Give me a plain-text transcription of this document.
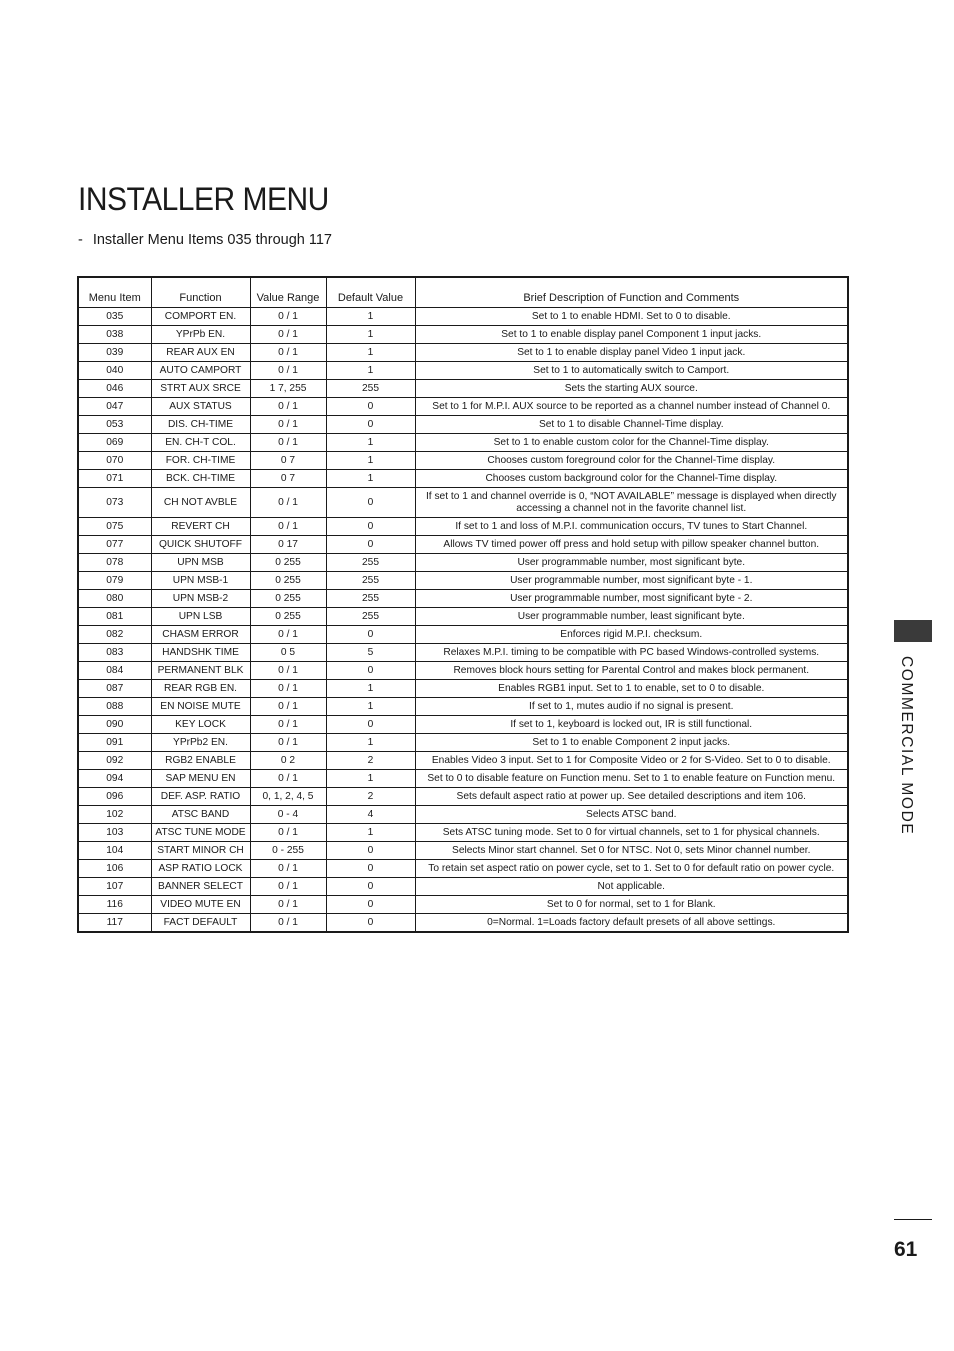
INSTALLER MENU
- Installer Menu Items 035 through 117
Menu Item	Function	Value Range	Default Value	Brief Description of Function and Comments
035	COMPORT EN.	0 / 1	1	Set to 1 to enable HDMI. Set to 0 to disable.
038	YPrPb EN.	0 / 1	1	Set to 1 to enable display panel Component 1 input jacks.
039	REAR AUX EN	0 / 1	1	Set to 1 to enable display panel Video 1 input jack.
040	AUTO CAMPORT	0 / 1	1	Set to 1 to automatically switch to Camport.
046	STRT AUX SRCE	1 7, 255	255	Sets the starting AUX source.
047	AUX STATUS	0 / 1	0	Set to 1 for M.P.I. AUX source to be reported as a channel number instead of Channel 0.
053	DIS. CH-TIME	0 / 1	0	Set to 1 to disable Channel-Time display.
069	EN. CH-T COL.	0 / 1	1	Set to 1 to enable custom color for the Channel-Time display.
070	FOR. CH-TIME	0 7	1	Chooses custom foreground color for the Channel-Time display.
071	BCK. CH-TIME	0 7	1	Chooses custom background color for the Channel-Time display.
073	CH NOT AVBLE	0 / 1	0	If set to 1 and channel override is 0, “NOT AVAILABLE” message is displayed when directly accessing a channel not in the favorite channel list.
075	REVERT CH	0 / 1	0	If set to 1 and loss of M.P.I. communication occurs, TV tunes to Start Channel.
077	QUICK SHUTOFF	0 17	0	Allows TV timed power off press and hold setup with pillow speaker channel button.
078	UPN MSB	0 255	255	User programmable number, most significant byte.
079	UPN MSB-1	0 255	255	User programmable number, most significant byte - 1.
080	UPN MSB-2	0 255	255	User programmable number, most significant byte - 2.
081	UPN LSB	0 255	255	User programmable number, least significant byte.
082	CHASM ERROR	0 / 1	0	Enforces rigid M.P.I. checksum.
083	HANDSHK TIME	0 5	5	Relaxes M.P.I. timing to be compatible with PC based Windows-controlled systems.
084	PERMANENT BLK	0 / 1	0	Removes block hours setting for Parental Control and makes block permanent.
087	REAR RGB EN.	0 / 1	1	Enables RGB1 input. Set to 1 to enable, set to 0 to disable.
088	EN NOISE MUTE	0 / 1	1	If set to 1, mutes audio if no signal is present.
090	KEY LOCK	0 / 1	0	If set to 1, keyboard is locked out, IR is still functional.
091	YPrPb2 EN.	0 / 1	1	Set to 1 to enable Component 2 input jacks.
092	RGB2 ENABLE	0 2	2	Enables Video 3 input. Set to 1 for Composite Video or 2 for S-Video. Set to 0 to disable.
094	SAP MENU EN	0 / 1	1	Set to 0 to disable feature on Function menu. Set to 1 to enable feature on Function menu.
096	DEF. ASP. RATIO	0, 1, 2, 4, 5	2	Sets default aspect ratio at power up. See detailed descriptions and item 106.
102	ATSC BAND	0 - 4	4	Selects ATSC band.
103	ATSC TUNE MODE	0 / 1	1	Sets ATSC tuning mode. Set to 0 for virtual channels, set to 1 for physical channels.
104	START MINOR CH	0 - 255	0	Selects Minor start channel. Set 0 for NTSC. Not 0, sets Minor channel number.
106	ASP RATIO LOCK	0 / 1	0	To retain set aspect ratio on power cycle, set to 1. Set to 0 for default ratio on power cycle.
107	BANNER SELECT	0 / 1	0	Not applicable.
116	VIDEO MUTE EN	0 / 1	0	Set to 0 for normal, set to 1 for Blank.
117	FACT DEFAULT	0 / 1	0	0=Normal. 1=Loads factory default presets of all above settings.
COMMERCIAL MODE
61
